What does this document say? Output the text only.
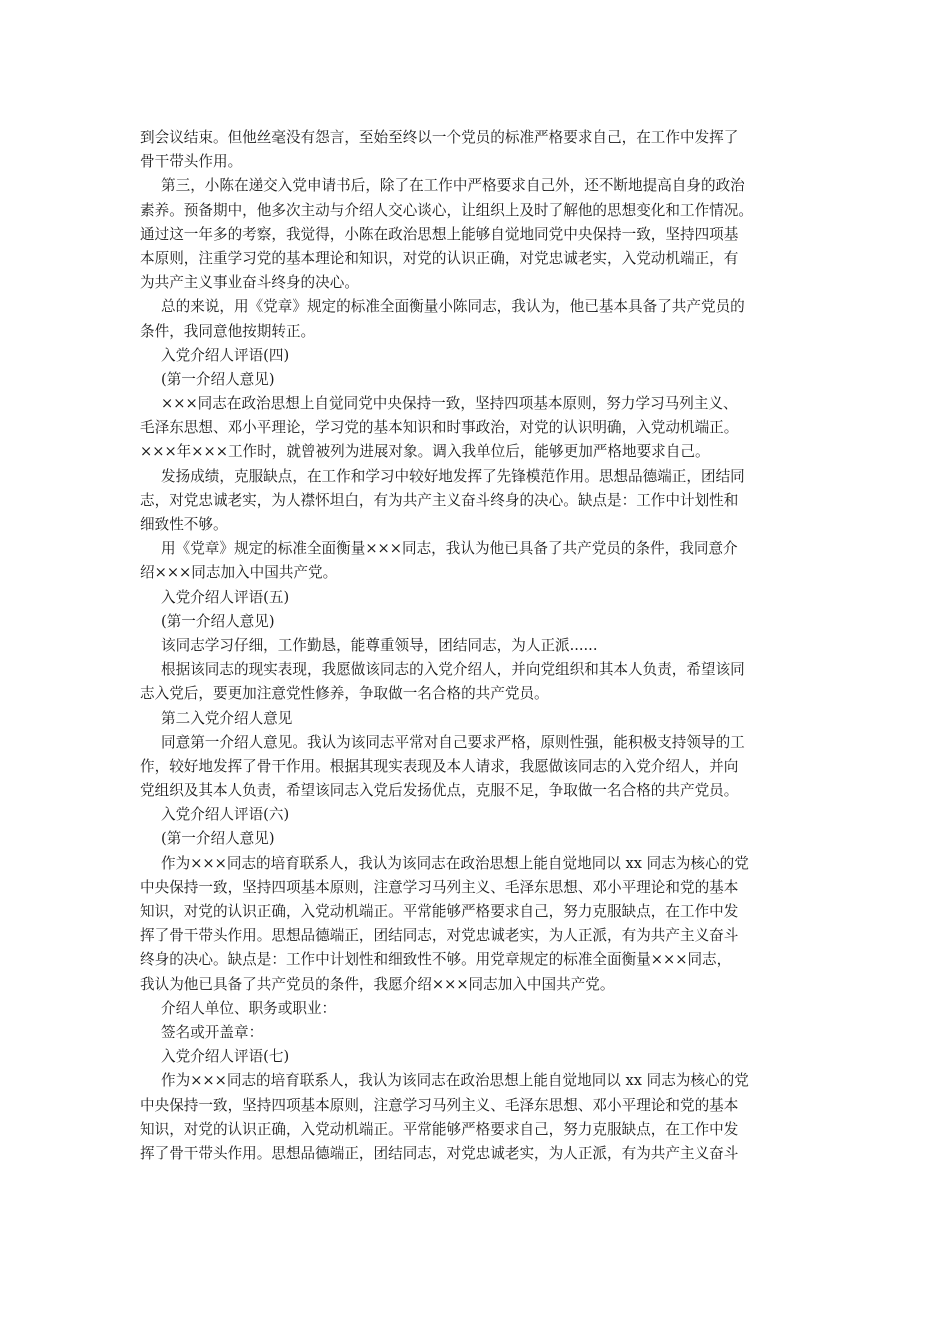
到会议结束。但他丝毫没有怨言，至始至终以一个党员的标准严格要求自己，在工作中发挥了
骨干带头作用。
第三，小陈在递交入党申请书后，除了在工作中严格要求自己外，还不断地提高自身的政治
素养。预备期中，他多次主动与介绍人交心谈心，让组织上及时了解他的思想变化和工作情况。
通过这一年多的考察，我觉得，小陈在政治思想上能够自觉地同党中央保持一致，坚持四项基
本原则，注重学习党的基本理论和知识，对党的认识正确，对党忠诚老实，入党动机端正，有
为共产主义事业奋斗终身的决心。
总的来说，用《党章》规定的标准全面衡量小陈同志，我认为，他已基本具备了共产党员的
条件，我同意他按期转正。
入党介绍人评语(四)
(第一介绍人意见)
×××同志在政治思想上自觉同党中央保持一致，坚持四项基本原则，努力学习马列主义、
毛泽东思想、邓小平理论，学习党的基本知识和时事政治，对党的认识明确，入党动机端正。
×××年×××工作时，就曾被列为进展对象。调入我单位后，能够更加严格地要求自己。
发扬成绩，克服缺点，在工作和学习中较好地发挥了先锋模范作用。思想品德端正，团结同
志，对党忠诚老实，为人襟怀坦白，有为共产主义奋斗终身的决心。缺点是：工作中计划性和
细致性不够。
用《党章》规定的标准全面衡量×××同志，我认为他已具备了共产党员的条件，我同意介
绍×××同志加入中国共产党。
入党介绍人评语(五)
(第一介绍人意见)
该同志学习仔细，工作勤恳，能尊重领导，团结同志，为人正派......
根据该同志的现实表现，我愿做该同志的入党介绍人，并向党组织和其本人负责，希望该同
志入党后，要更加注意党性修养，争取做一名合格的共产党员。
第二入党介绍人意见
同意第一介绍人意见。我认为该同志平常对自己要求严格，原则性强，能积极支持领导的工
作，较好地发挥了骨干作用。根据其现实表现及本人请求，我愿做该同志的入党介绍人，并向
党组织及其本人负责，希望该同志入党后发扬优点，克服不足，争取做一名合格的共产党员。
入党介绍人评语(六)
(第一介绍人意见)
作为×××同志的培育联系人，我认为该同志在政治思想上能自觉地同以 xx 同志为核心的党
中央保持一致，坚持四项基本原则，注意学习马列主义、毛泽东思想、邓小平理论和党的基本
知识，对党的认识正确，入党动机端正。平常能够严格要求自己，努力克服缺点，在工作中发
挥了骨干带头作用。思想品德端正，团结同志，对党忠诚老实，为人正派，有为共产主义奋斗
终身的决心。缺点是：工作中计划性和细致性不够。用党章规定的标准全面衡量×××同志，
我认为他已具备了共产党员的条件，我愿介绍×××同志加入中国共产党。
介绍人单位、职务或职业：
签名或开盖章：
入党介绍人评语(七)
作为×××同志的培育联系人，我认为该同志在政治思想上能自觉地同以 xx 同志为核心的党
中央保持一致，坚持四项基本原则，注意学习马列主义、毛泽东思想、邓小平理论和党的基本
知识，对党的认识正确，入党动机端正。平常能够严格要求自己，努力克服缺点，在工作中发
挥了骨干带头作用。思想品德端正，团结同志，对党忠诚老实，为人正派，有为共产主义奋斗
